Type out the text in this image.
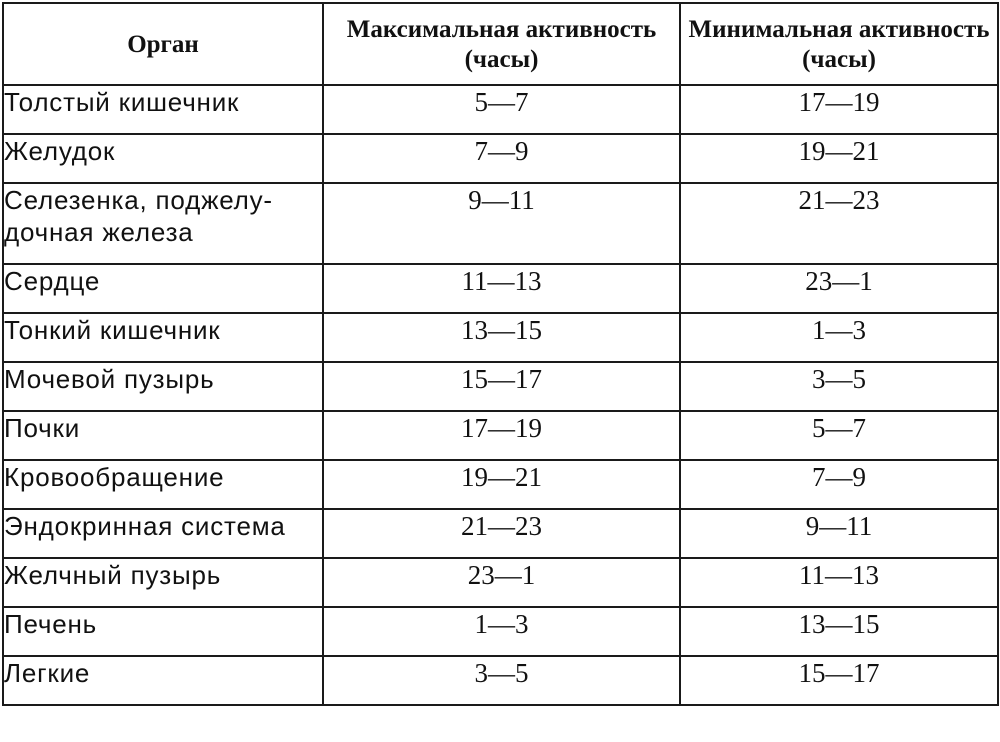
Орган	Максимальная активность (часы)	Минимальная активность (часы)
Толстый кишечник	5—7	17—19
Желудок	7—9	19—21
Селезенка, поджелу-
дочная железа	9—11	21—23
Сердце	11—13	23—1
Тонкий кишечник	13—15	1—3
Мочевой пузырь	15—17	3—5
Почки	17—19	5—7
Кровообращение	19—21	7—9
Эндокринная система	21—23	9—11
Желчный пузырь	23—1	11—13
Печень	1—3	13—15
Легкие	3—5	15—17
